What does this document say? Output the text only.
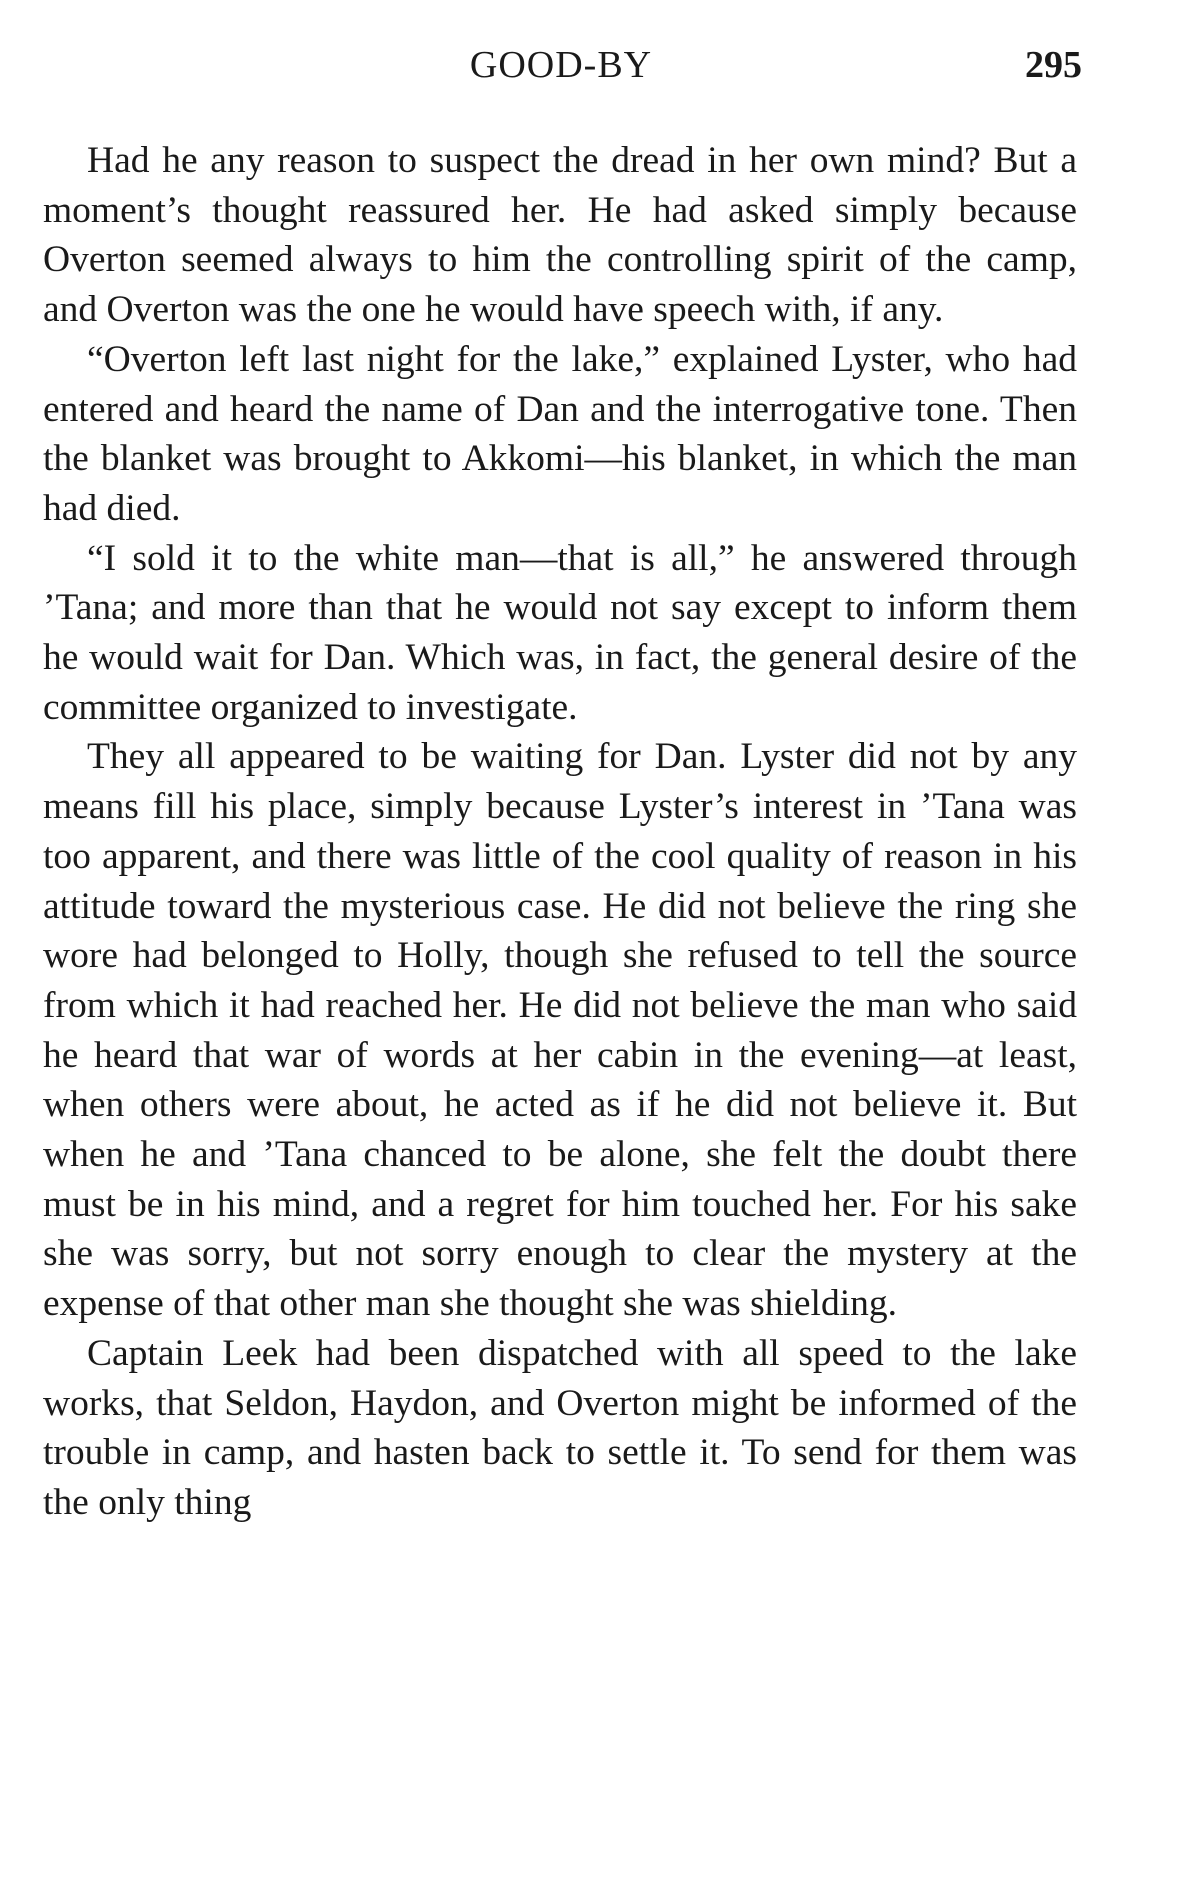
GOOD-BY	295

Had he any reason to suspect the dread in her own mind? But a moment’s thought reassured her. He had asked simply because Overton seemed always to him the controlling spirit of the camp, and Overton was the one he would have speech with, if any.

“Overton left last night for the lake,” explained Lyster, who had entered and heard the name of Dan and the interrogative tone. Then the blanket was brought to Akkomi—his blanket, in which the man had died.

“I sold it to the white man—that is all,” he answered through ’Tana; and more than that he would not say except to inform them he would wait for Dan. Which was, in fact, the general desire of the committee organized to investigate.

They all appeared to be waiting for Dan. Lyster did not by any means fill his place, simply because Lyster’s interest in ’Tana was too apparent, and there was little of the cool quality of reason in his attitude toward the mysterious case. He did not believe the ring she wore had belonged to Holly, though she refused to tell the source from which it had reached her. He did not believe the man who said he heard that war of words at her cabin in the evening—at least, when others were about, he acted as if he did not believe it. But when he and ’Tana chanced to be alone, she felt the doubt there must be in his mind, and a regret for him touched her. For his sake she was sorry, but not sorry enough to clear the mystery at the expense of that other man she thought she was shielding.

Captain Leek had been dispatched with all speed to the lake works, that Seldon, Haydon, and Overton might be informed of the trouble in camp, and hasten back to settle it. To send for them was the only thing
